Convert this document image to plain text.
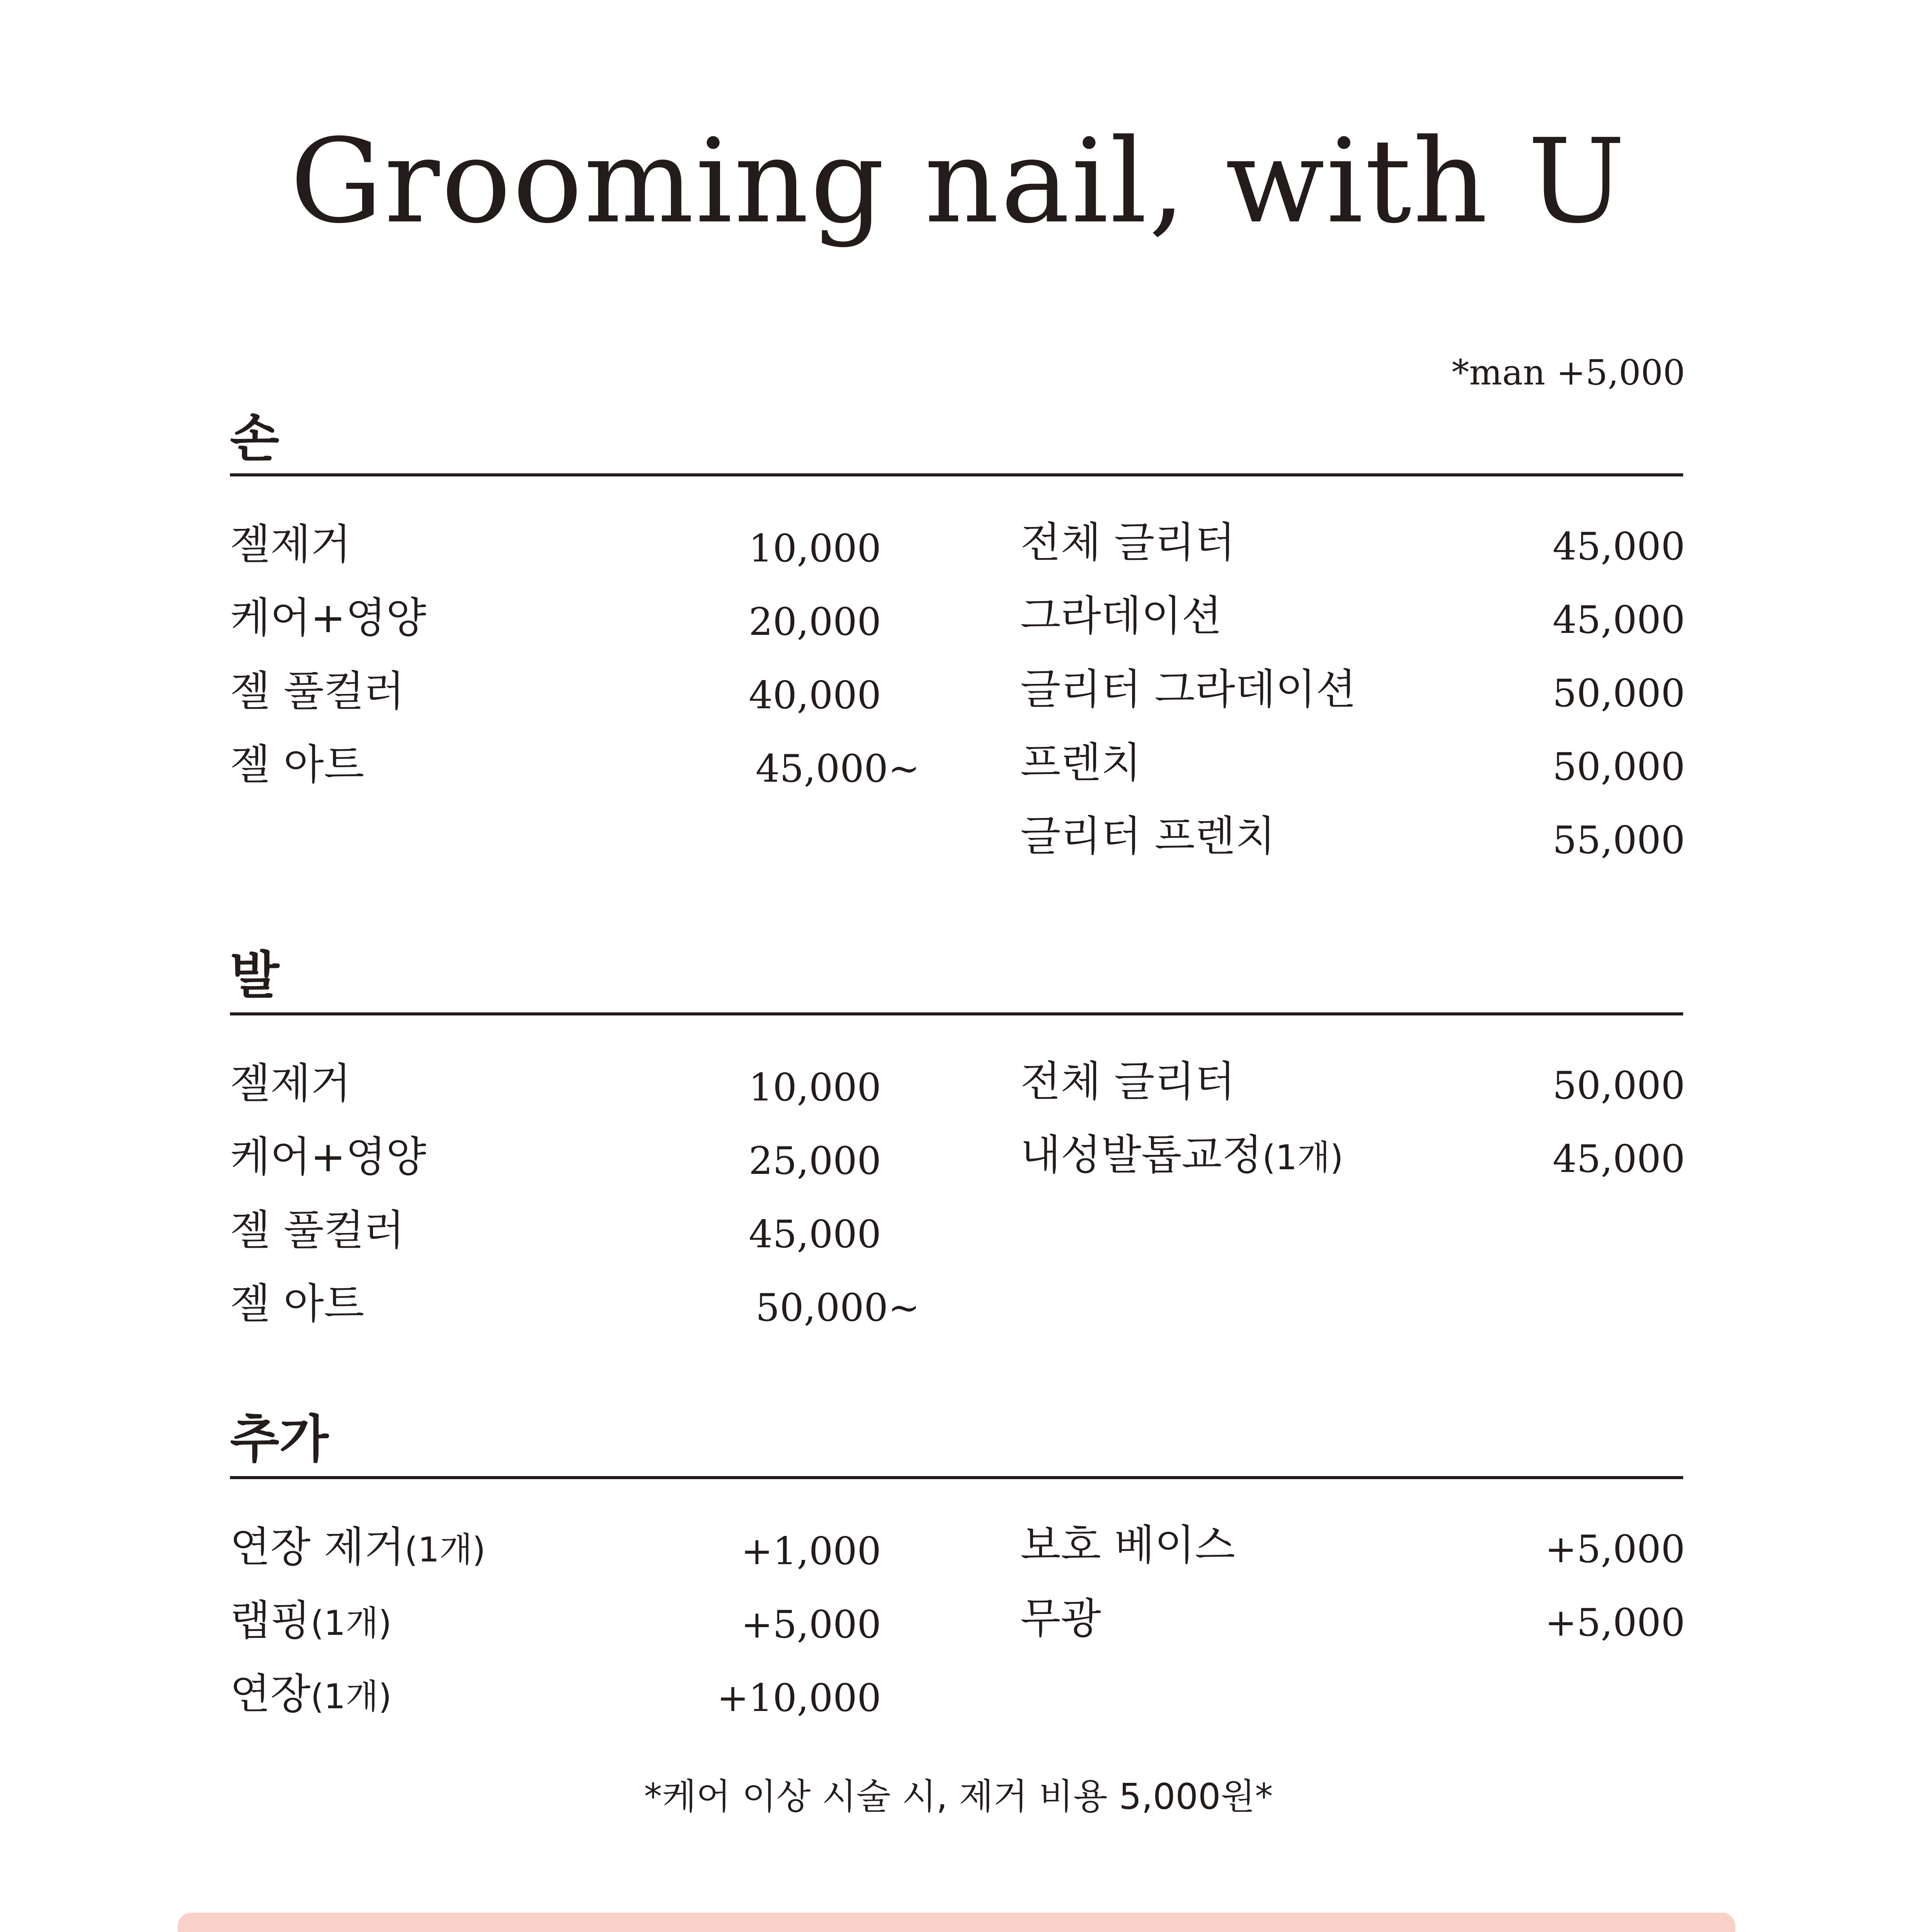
Grooming nail, with U
*man +5,000
손
젤제거	10,000
케어+영양	20,000
젤 풀컬러	40,000
젤 아트	45,000~
전체 글리터	45,000
그라데이션	45,000
글리터 그라데이션	50,000
프렌치	50,000
글리터 프렌치	55,000
발
젤제거	10,000
케어+영양	25,000
젤 풀컬러	45,000
젤 아트	50,000~
전체 글리터	50,000
내성발톱교정(1개)	45,000
추가
연장 제거(1개)	+1,000
랩핑(1개)	+5,000
연장(1개)	+10,000
보호 베이스	+5,000
무광	+5,000
*케어 이상 시술 시, 제거 비용 5,000원*
